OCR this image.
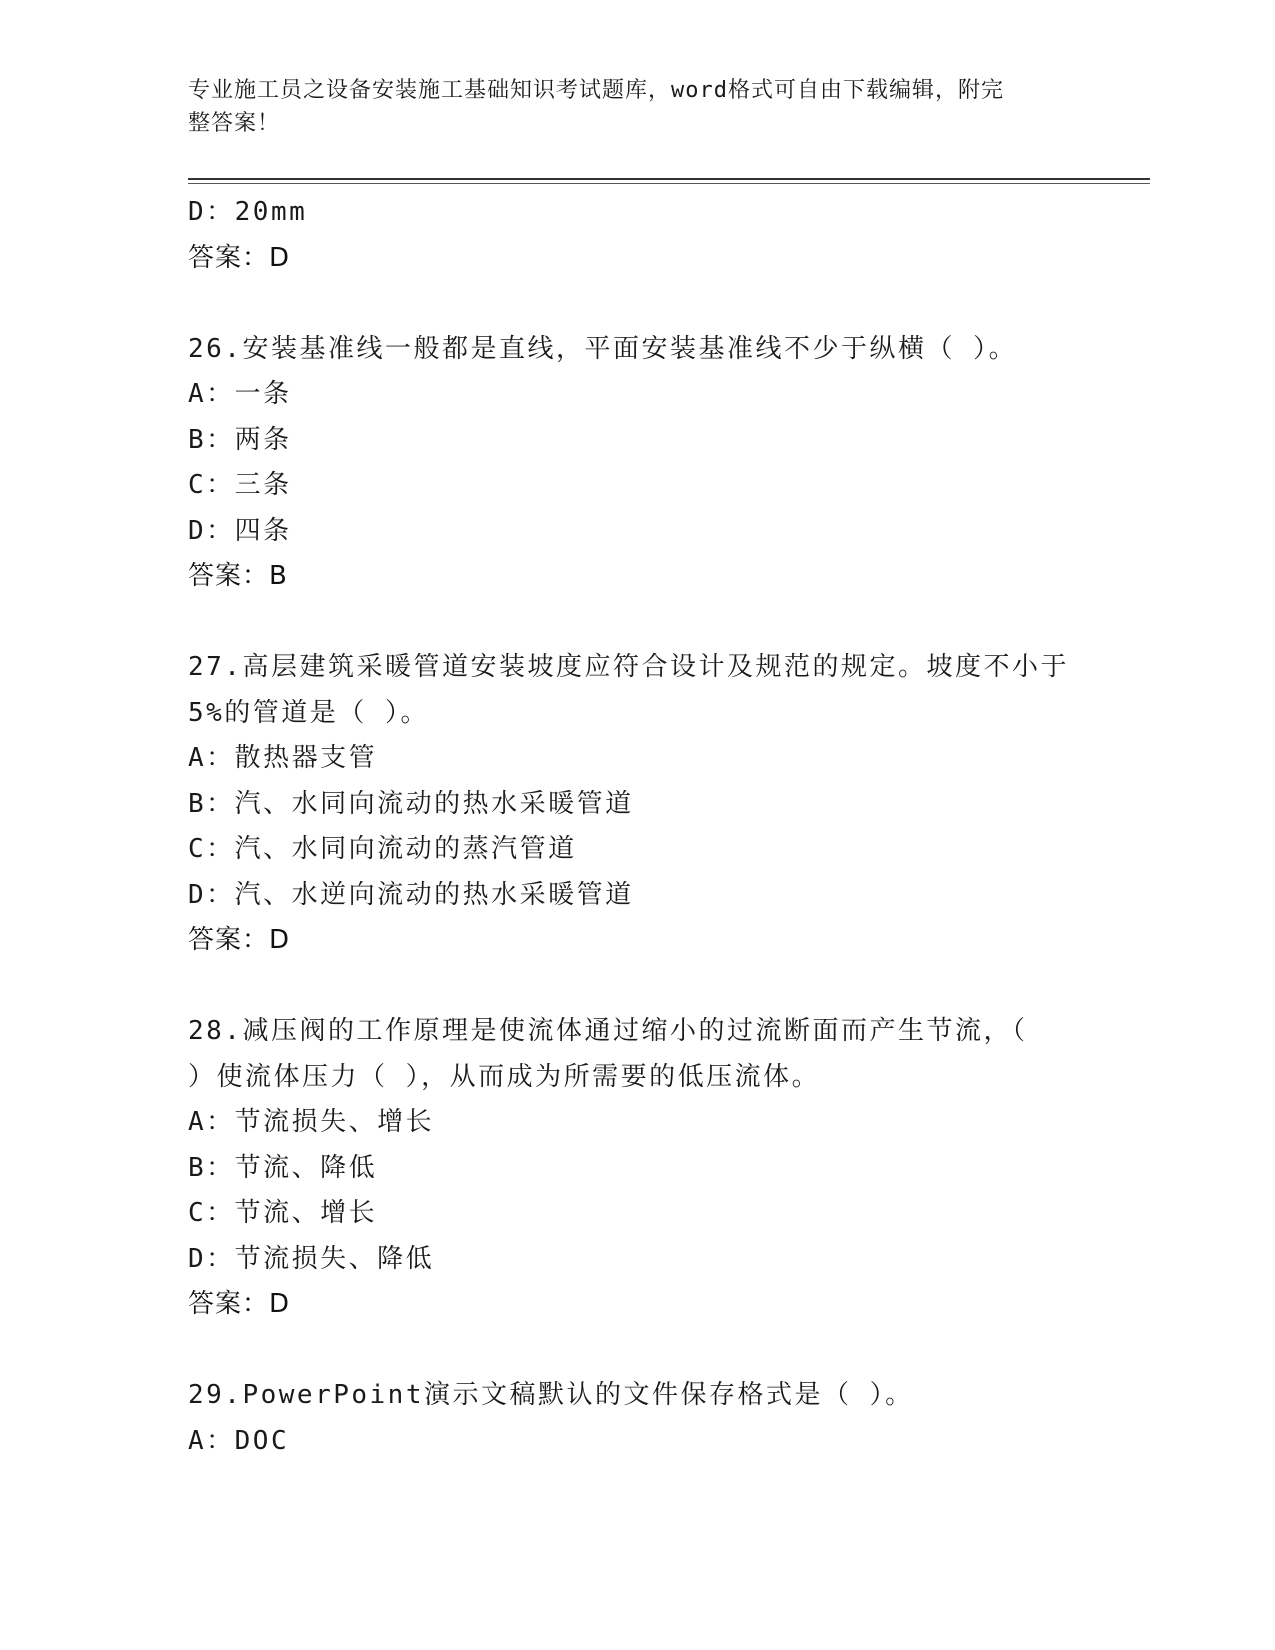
专业施工员之设备安装施工基础知识考试题库，word格式可自由下载编辑，附完
整答案！
D：20mm
答案：D
26.安装基准线一般都是直线，平面安装基准线不少于纵横（ ）。
A：一条
B：两条
C：三条
D：四条
答案：B
27.高层建筑采暖管道安装坡度应符合设计及规范的规定。坡度不小于
5%的管道是（ ）。
A：散热器支管
B：汽、水同向流动的热水采暖管道
C：汽、水同向流动的蒸汽管道
D：汽、水逆向流动的热水采暖管道
答案：D
28.减压阀的工作原理是使流体通过缩小的过流断面而产生节流，（
）使流体压力（ ），从而成为所需要的低压流体。
A：节流损失、增长
B：节流、降低
C：节流、增长
D：节流损失、降低
答案：D
29.PowerPoint演示文稿默认的文件保存格式是（ ）。
A：DOC
